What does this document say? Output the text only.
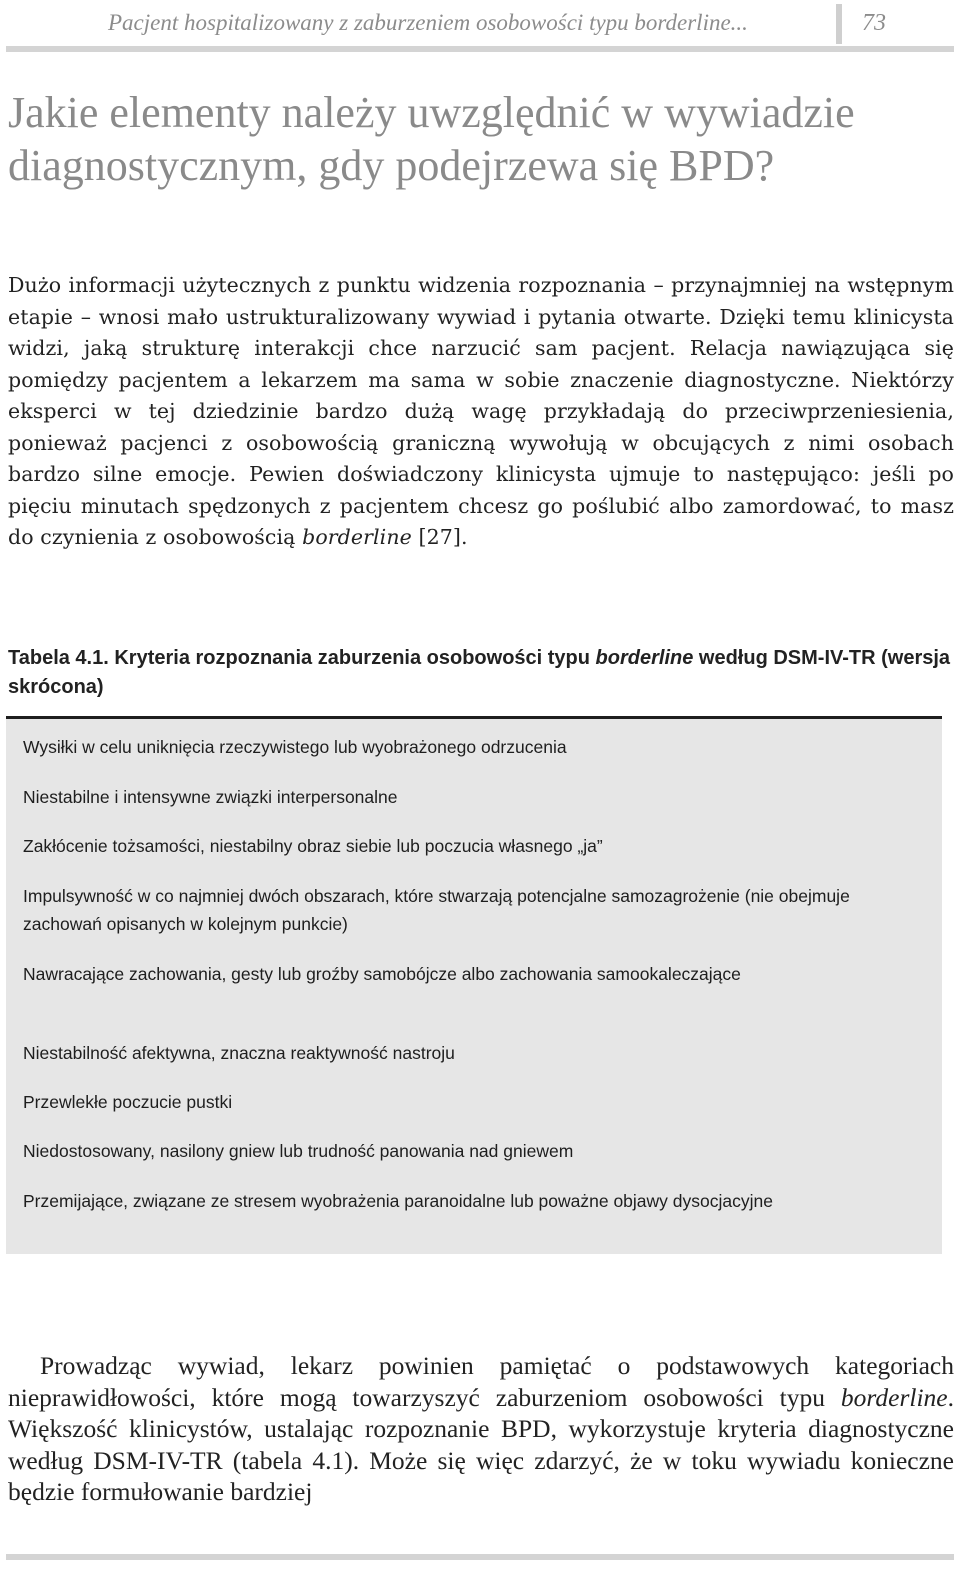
Pacjent hospitalizowany z zaburzeniem osobowości typu borderline...	73
Jakie elementy należy uwzględnić w wywiadzie diagnostycznym, gdy podejrzewa się BPD?

Dużo informacji użytecznych z punktu widzenia rozpoznania – przynajmniej na wstępnym etapie – wnosi mało ustrukturalizowany wywiad i pytania otwarte. Dzięki temu klinicysta widzi, jaką strukturę interakcji chce narzucić sam pacjent. Relacja nawiązująca się pomiędzy pacjentem a lekarzem ma sama w sobie znaczenie diagnostyczne. Niektórzy eksperci w tej dziedzinie bardzo dużą wagę przykładają do przeciwprzeniesienia, ponieważ pacjenci z osobowością graniczną wywołują w obcujących z nimi osobach bardzo silne emocje. Pewien doświadczony klinicysta ujmuje to następująco: jeśli po pięciu minutach spędzonych z pacjentem chcesz go poślubić albo zamordować, to masz do czynienia z osobowością borderline [27].

Tabela 4.1. Kryteria rozpoznania zaburzenia osobowości typu borderline według DSM-IV-TR (wersja skrócona)
Wysiłki w celu uniknięcia rzeczywistego lub wyobrażonego odrzucenia
Niestabilne i intensywne związki interpersonalne
Zakłócenie tożsamości, niestabilny obraz siebie lub poczucia własnego „ja”
Impulsywność w co najmniej dwóch obszarach, które stwarzają potencjalne samozagrożenie (nie obejmuje zachowań opisanych w kolejnym punkcie)
Nawracające zachowania, gesty lub groźby samobójcze albo zachowania samookaleczające
Niestabilność afektywna, znaczna reaktywność nastroju
Przewlekłe poczucie pustki
Niedostosowany, nasilony gniew lub trudność panowania nad gniewem
Przemijające, związane ze stresem wyobrażenia paranoidalne lub poważne objawy dysocjacyjne

Prowadząc wywiad, lekarz powinien pamiętać o podstawowych kategoriach nieprawidłowości, które mogą towarzyszyć zaburzeniom osobowości typu borderline. Większość klinicystów, ustalając rozpoznanie BPD, wykorzystuje kryteria diagnostyczne według DSM-IV-TR (tabela 4.1). Może się więc zdarzyć, że w toku wywiadu konieczne będzie formułowanie bardziej
